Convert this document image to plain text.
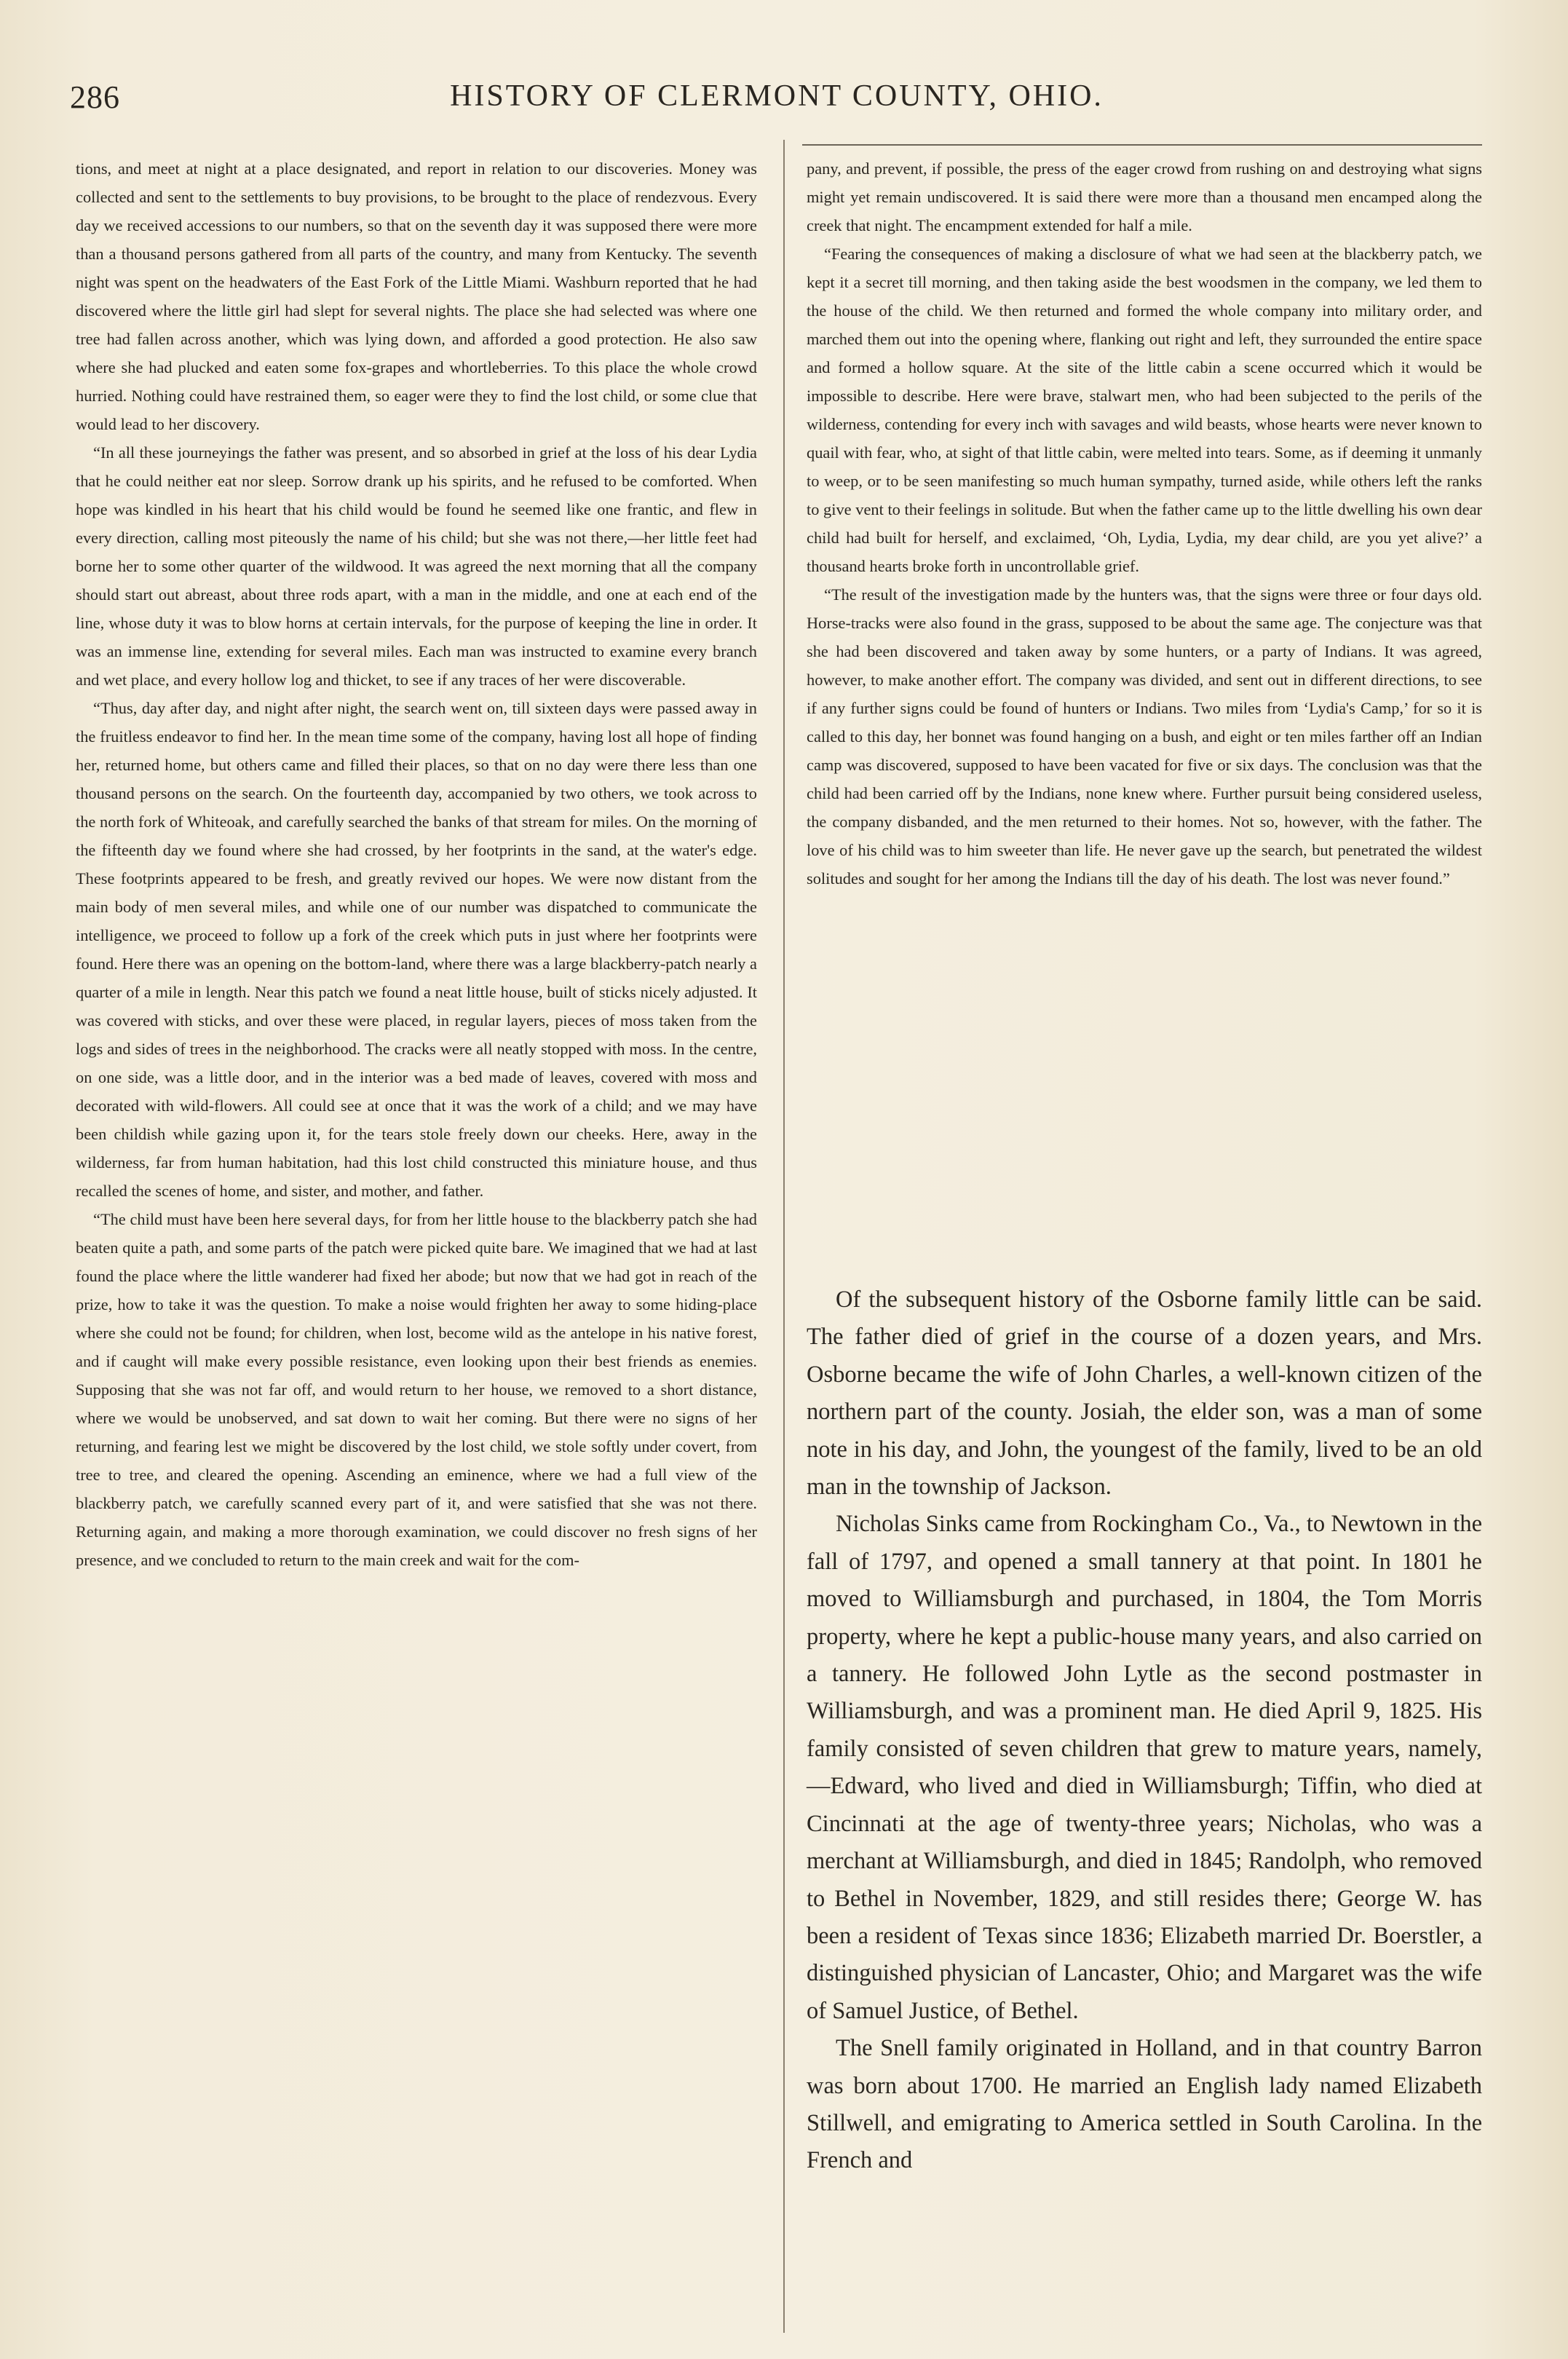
286	HISTORY OF CLERMONT COUNTY, OHIO.

tions, and meet at night at a place designated, and report in relation to our discoveries. Money was collected and sent to the settlements to buy provisions, to be brought to the place of rendezvous. Every day we received accessions to our numbers, so that on the seventh day it was supposed there were more than a thousand persons gathered from all parts of the country, and many from Kentucky. The seventh night was spent on the headwaters of the East Fork of the Little Miami. Washburn reported that he had discovered where the little girl had slept for several nights. The place she had selected was where one tree had fallen across another, which was lying down, and afforded a good protection. He also saw where she had plucked and eaten some fox-grapes and whortleberries. To this place the whole crowd hurried. Nothing could have restrained them, so eager were they to find the lost child, or some clue that would lead to her discovery.

“In all these journeyings the father was present, and so absorbed in grief at the loss of his dear Lydia that he could neither eat nor sleep. Sorrow drank up his spirits, and he refused to be comforted. When hope was kindled in his heart that his child would be found he seemed like one frantic, and flew in every direction, calling most piteously the name of his child; but she was not there,—her little feet had borne her to some other quarter of the wildwood. It was agreed the next morning that all the company should start out abreast, about three rods apart, with a man in the middle, and one at each end of the line, whose duty it was to blow horns at certain intervals, for the purpose of keeping the line in order. It was an immense line, extending for several miles. Each man was instructed to examine every branch and wet place, and every hollow log and thicket, to see if any traces of her were discoverable.

“Thus, day after day, and night after night, the search went on, till sixteen days were passed away in the fruitless endeavor to find her. In the mean time some of the company, having lost all hope of finding her, returned home, but others came and filled their places, so that on no day were there less than one thousand persons on the search. On the fourteenth day, accompanied by two others, we took across to the north fork of Whiteoak, and carefully searched the banks of that stream for miles. On the morning of the fifteenth day we found where she had crossed, by her footprints in the sand, at the water's edge. These footprints appeared to be fresh, and greatly revived our hopes. We were now distant from the main body of men several miles, and while one of our number was dispatched to communicate the intelligence, we proceed to follow up a fork of the creek which puts in just where her footprints were found. Here there was an opening on the bottom-land, where there was a large blackberry-patch nearly a quarter of a mile in length. Near this patch we found a neat little house, built of sticks nicely adjusted. It was covered with sticks, and over these were placed, in regular layers, pieces of moss taken from the logs and sides of trees in the neighborhood. The cracks were all neatly stopped with moss. In the centre, on one side, was a little door, and in the interior was a bed made of leaves, covered with moss and decorated with wild-flowers. All could see at once that it was the work of a child; and we may have been childish while gazing upon it, for the tears stole freely down our cheeks. Here, away in the wilderness, far from human habitation, had this lost child constructed this miniature house, and thus recalled the scenes of home, and sister, and mother, and father.

“The child must have been here several days, for from her little house to the blackberry patch she had beaten quite a path, and some parts of the patch were picked quite bare. We imagined that we had at last found the place where the little wanderer had fixed her abode; but now that we had got in reach of the prize, how to take it was the question. To make a noise would frighten her away to some hiding-place where she could not be found; for children, when lost, become wild as the antelope in his native forest, and if caught will make every possible resistance, even looking upon their best friends as enemies. Supposing that she was not far off, and would return to her house, we removed to a short distance, where we would be unobserved, and sat down to wait her coming. But there were no signs of her returning, and fearing lest we might be discovered by the lost child, we stole softly under covert, from tree to tree, and cleared the opening. Ascending an eminence, where we had a full view of the blackberry patch, we carefully scanned every part of it, and were satisfied that she was not there. Returning again, and making a more thorough examination, we could discover no fresh signs of her presence, and we concluded to return to the main creek and wait for the com-

pany, and prevent, if possible, the press of the eager crowd from rushing on and destroying what signs might yet remain undiscovered. It is said there were more than a thousand men encamped along the creek that night. The encampment extended for half a mile.

“Fearing the consequences of making a disclosure of what we had seen at the blackberry patch, we kept it a secret till morning, and then taking aside the best woodsmen in the company, we led them to the house of the child. We then returned and formed the whole company into military order, and marched them out into the opening where, flanking out right and left, they surrounded the entire space and formed a hollow square. At the site of the little cabin a scene occurred which it would be impossible to describe. Here were brave, stalwart men, who had been subjected to the perils of the wilderness, contending for every inch with savages and wild beasts, whose hearts were never known to quail with fear, who, at sight of that little cabin, were melted into tears. Some, as if deeming it unmanly to weep, or to be seen manifesting so much human sympathy, turned aside, while others left the ranks to give vent to their feelings in solitude. But when the father came up to the little dwelling his own dear child had built for herself, and exclaimed, ‘Oh, Lydia, Lydia, my dear child, are you yet alive?’ a thousand hearts broke forth in uncontrollable grief.

“The result of the investigation made by the hunters was, that the signs were three or four days old. Horse-tracks were also found in the grass, supposed to be about the same age. The conjecture was that she had been discovered and taken away by some hunters, or a party of Indians. It was agreed, however, to make another effort. The company was divided, and sent out in different directions, to see if any further signs could be found of hunters or Indians. Two miles from ‘Lydia's Camp,’ for so it is called to this day, her bonnet was found hanging on a bush, and eight or ten miles farther off an Indian camp was discovered, supposed to have been vacated for five or six days. The conclusion was that the child had been carried off by the Indians, none knew where. Further pursuit being considered useless, the company disbanded, and the men returned to their homes. Not so, however, with the father. The love of his child was to him sweeter than life. He never gave up the search, but penetrated the wildest solitudes and sought for her among the Indians till the day of his death. The lost was never found.”

Of the subsequent history of the Osborne family little can be said. The father died of grief in the course of a dozen years, and Mrs. Osborne became the wife of John Charles, a well-known citizen of the northern part of the county. Josiah, the elder son, was a man of some note in his day, and John, the youngest of the family, lived to be an old man in the township of Jackson.

Nicholas Sinks came from Rockingham Co., Va., to Newtown in the fall of 1797, and opened a small tannery at that point. In 1801 he moved to Williamsburgh and purchased, in 1804, the Tom Morris property, where he kept a public-house many years, and also carried on a tannery. He followed John Lytle as the second postmaster in Williamsburgh, and was a prominent man. He died April 9, 1825. His family consisted of seven children that grew to mature years, namely,—Edward, who lived and died in Williamsburgh; Tiffin, who died at Cincinnati at the age of twenty-three years; Nicholas, who was a merchant at Williamsburgh, and died in 1845; Randolph, who removed to Bethel in November, 1829, and still resides there; George W. has been a resident of Texas since 1836; Elizabeth married Dr. Boerstler, a distinguished physician of Lancaster, Ohio; and Margaret was the wife of Samuel Justice, of Bethel.

The Snell family originated in Holland, and in that country Barron was born about 1700. He married an English lady named Elizabeth Stillwell, and emigrating to America settled in South Carolina. In the French and
